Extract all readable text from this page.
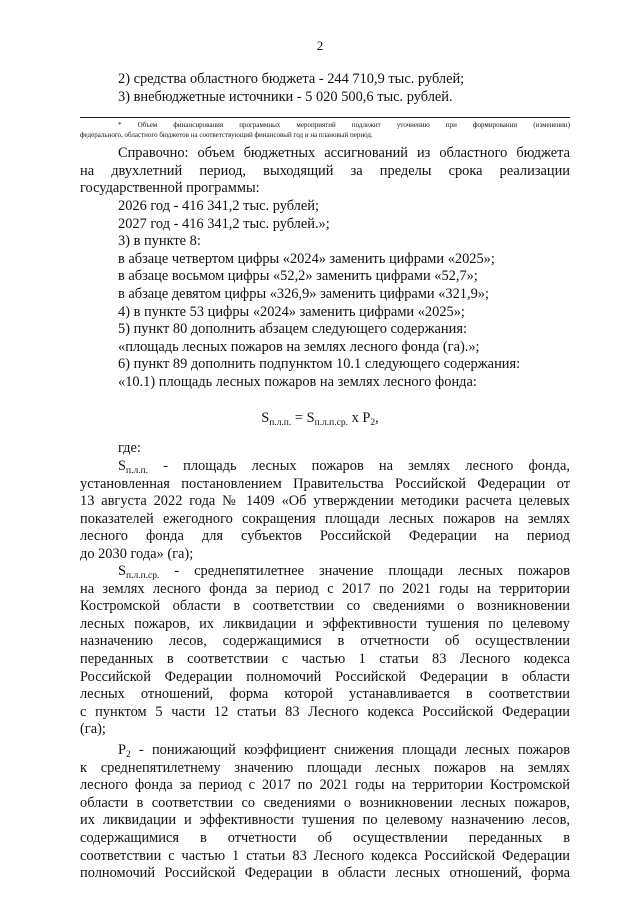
2
2) средства областного бюджета - 244 710,9 тыс. рублей;
3) внебюджетные источники - 5 020 500,6 тыс. рублей.
* Объем финансирования программных мероприятий подлежит уточнению при формировании (изменении)
федерального, областного бюджетов на соответствующий финансовый год и на плановый период.
Справочно: объем бюджетных ассигнований из областного бюджета
на двухлетний период, выходящий за пределы срока реализации
государственной программы:
2026 год - 416 341,2 тыс. рублей;
2027 год - 416 341,2 тыс. рублей.»;
3) в пункте 8:
в абзаце четвертом цифры «2024» заменить цифрами «2025»;
в абзаце восьмом цифры «52,2» заменить цифрами «52,7»;
в абзаце девятом цифры «326,9» заменить цифрами «321,9»;
4) в пункте 53 цифры «2024» заменить цифрами «2025»;
5) пункт 80 дополнить абзацем следующего содержания:
«площадь лесных пожаров на землях лесного фонда (га).»;
6) пункт 89 дополнить подпунктом 10.1 следующего содержания:
«10.1) площадь лесных пожаров на землях лесного фонда:
$S_{п.л.п.} = S_{п.л.п.ср.}$ x $P_2$,
где:
$S_{п.л.п.}$ - площадь лесных пожаров на землях лесного фонда,
установленная постановлением Правительства Российской Федерации от
13 августа 2022 года № 1409 «Об утверждении методики расчета целевых
показателей ежегодного сокращения площади лесных пожаров на землях
лесного фонда для субъектов Российской Федерации на период
до 2030 года» (га);
$S_{п.л.п.ср.}$ - среднепятилетнее значение площади лесных пожаров
на землях лесного фонда за период с 2017 по 2021 годы на территории
Костромской области в соответствии со сведениями о возникновении
лесных пожаров, их ликвидации и эффективности тушения по целевому
назначению лесов, содержащимися в отчетности об осуществлении
переданных в соответствии с частью 1 статьи 83 Лесного кодекса
Российской Федерации полномочий Российской Федерации в области
лесных отношений, форма которой устанавливается в соответствии
с пунктом 5 части 12 статьи 83 Лесного кодекса Российской Федерации
(га);
$P_2$ - понижающий коэффициент снижения площади лесных пожаров
к среднепятилетнему значению площади лесных пожаров на землях
лесного фонда за период с 2017 по 2021 годы на территории Костромской
области в соответствии со сведениями о возникновении лесных пожаров,
их ликвидации и эффективности тушения по целевому назначению лесов,
содержащимися в отчетности об осуществлении переданных в
соответствии с частью 1 статьи 83 Лесного кодекса Российской Федерации
полномочий Российской Федерации в области лесных отношений, форма
